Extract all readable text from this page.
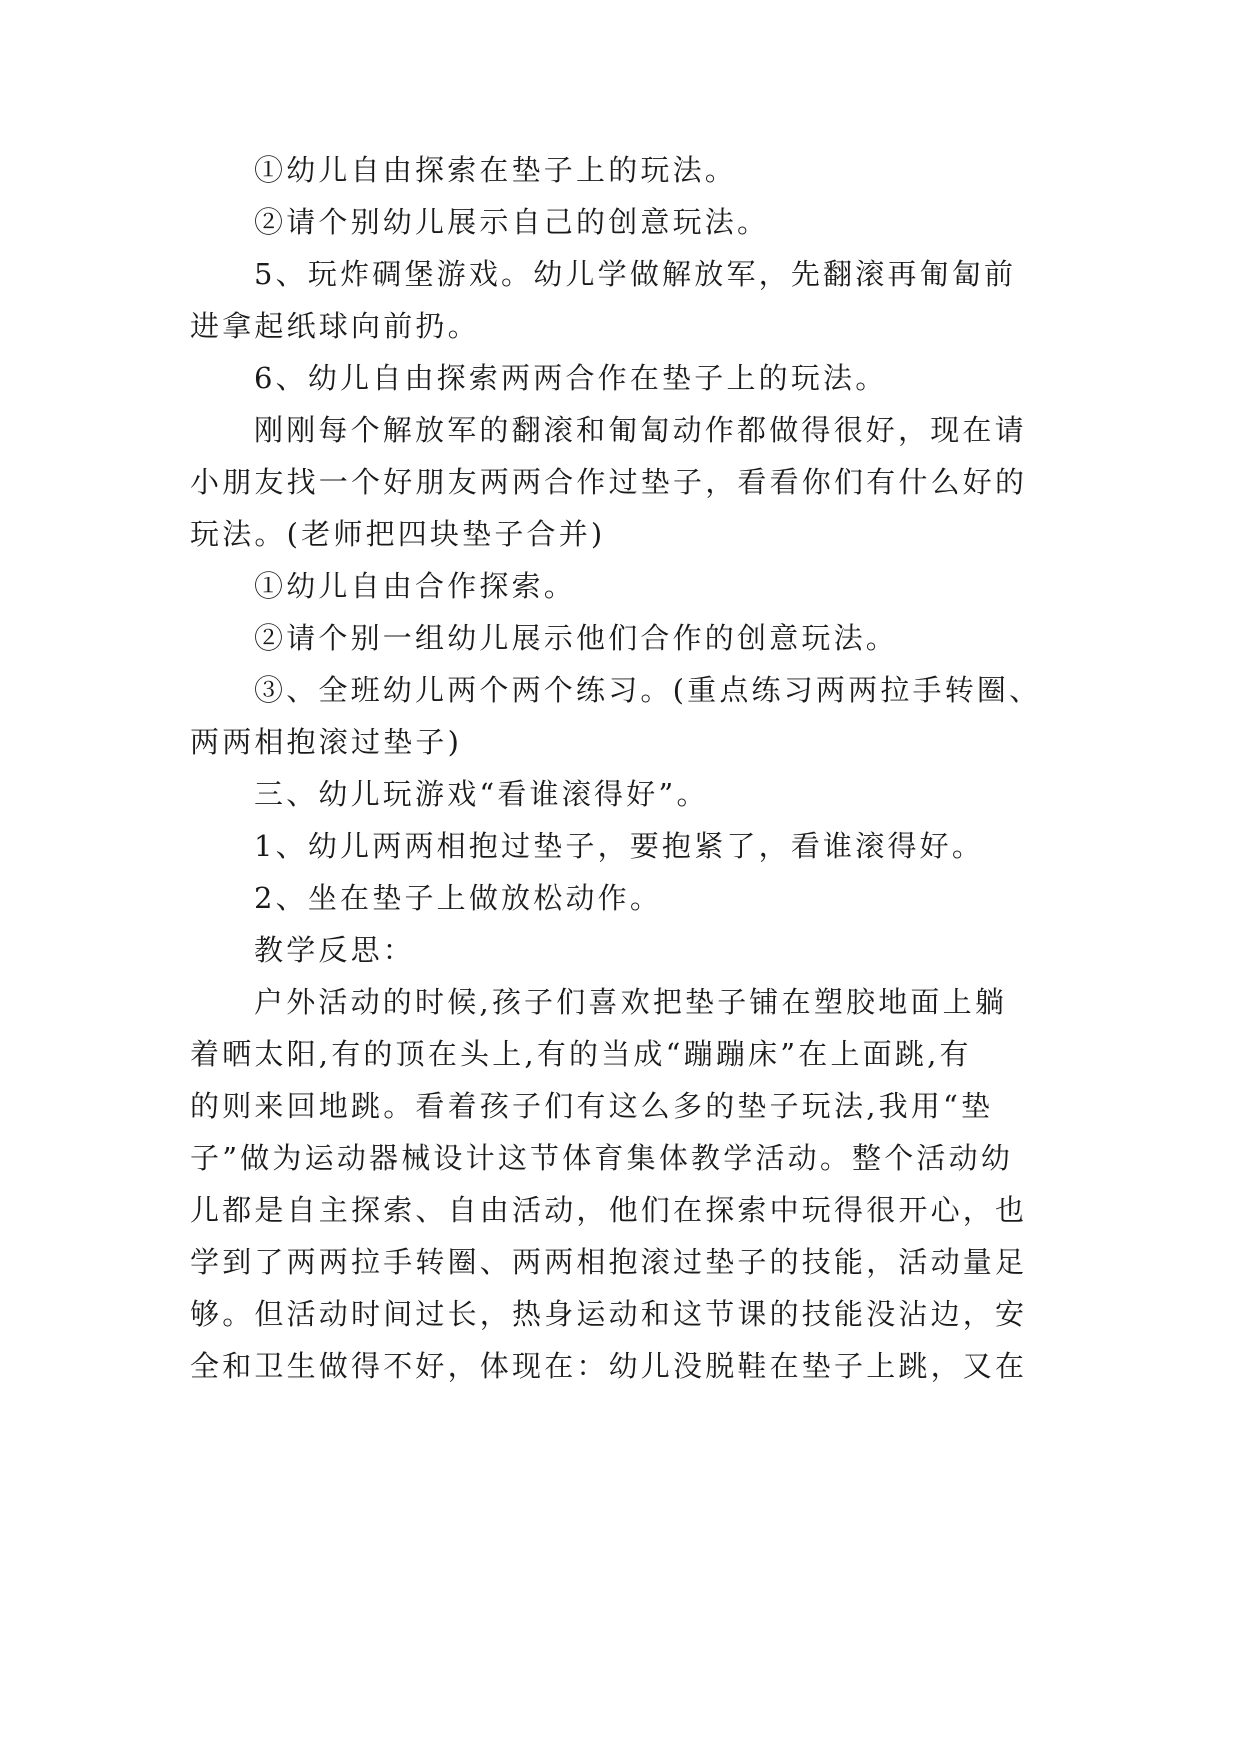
①幼儿自由探索在垫子上的玩法。
②请个别幼儿展示自己的创意玩法。
5、玩炸碉堡游戏。幼儿学做解放军，先翻滚再匍匐前
进拿起纸球向前扔。
6、幼儿自由探索两两合作在垫子上的玩法。
刚刚每个解放军的翻滚和匍匐动作都做得很好，现在请
小朋友找一个好朋友两两合作过垫子，看看你们有什么好的
玩法。(老师把四块垫子合并)
①幼儿自由合作探索。
②请个别一组幼儿展示他们合作的创意玩法。
③、全班幼儿两个两个练习。(重点练习两两拉手转圈、
两两相抱滚过垫子)
三、幼儿玩游戏“看谁滚得好”。
1、幼儿两两相抱过垫子，要抱紧了，看谁滚得好。
2、坐在垫子上做放松动作。
教学反思：
户外活动的时候,孩子们喜欢把垫子铺在塑胶地面上躺
着晒太阳,有的顶在头上,有的当成“蹦蹦床”在上面跳,有
的则来回地跳。看着孩子们有这么多的垫子玩法,我用“垫
子”做为运动器械设计这节体育集体教学活动。整个活动幼
儿都是自主探索、自由活动，他们在探索中玩得很开心，也
学到了两两拉手转圈、两两相抱滚过垫子的技能，活动量足
够。但活动时间过长，热身运动和这节课的技能没沾边，安
全和卫生做得不好，体现在：幼儿没脱鞋在垫子上跳，又在
